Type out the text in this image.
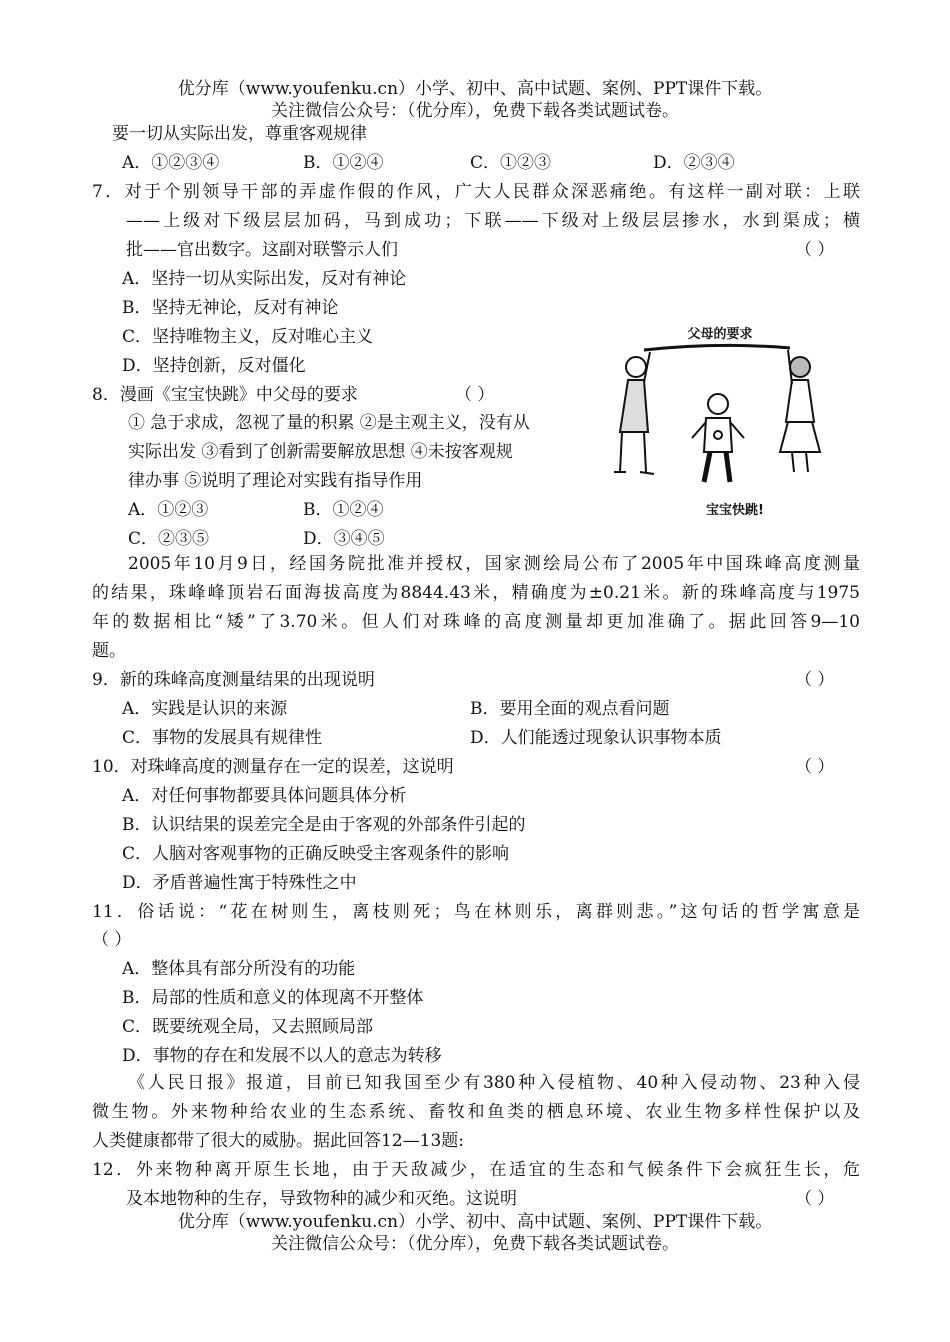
优分库（www.youfenku.cn）小学、初中、高中试题、案例、PPT课件下载。
关注微信公众号：（优分库），免费下载各类试题试卷。
要一切从实际出发，尊重客观规律
A．①②③④	B．①②④	C．①②③	D．②③④
7．对于个别领导干部的弄虚作假的作风，广大人民群众深恶痛绝。有这样一副对联：上联
——上级对下级层层加码，马到成功；下联——下级对上级层层掺水，水到渠成；横
批——官出数字。这副对联警示人们	（ ）
A．坚持一切从实际出发，反对有神论
B．坚持无神论，反对有神论
C．坚持唯物主义，反对唯心主义
D．坚持创新，反对僵化
8．漫画《宝宝快跳》中父母的要求	（ ）
① 急于求成，忽视了量的积累 ②是主观主义，没有从
实际出发 ③看到了创新需要解放思想 ④未按客观规
律办事 ⑤说明了理论对实践有指导作用
A．①②③	B．①②④
C．②③⑤	D．③④⑤
父母的要求
宝宝快跳!
2005年10月9日，经国务院批准并授权，国家测绘局公布了2005年中国珠峰高度测量
的结果，珠峰峰顶岩石面海拔高度为8844.43米，精确度为±0.21米。新的珠峰高度与1975
年的数据相比“矮”了3.70米。但人们对珠峰的高度测量却更加准确了。据此回答9—10
题。
9．新的珠峰高度测量结果的出现说明	（ ）
A．实践是认识的来源	B．要用全面的观点看问题
C．事物的发展具有规律性	D．人们能透过现象认识事物本质
10．对珠峰高度的测量存在一定的误差，这说明	（ ）
A．对任何事物都要具体问题具体分析
B．认识结果的误差完全是由于客观的外部条件引起的
C．人脑对客观事物的正确反映受主客观条件的影响
D．矛盾普遍性寓于特殊性之中
11．俗话说：“花在树则生，离枝则死；鸟在林则乐，离群则悲。”这句话的哲学寓意是
（ ）
A．整体具有部分所没有的功能
B．局部的性质和意义的体现离不开整体
C．既要统观全局，又去照顾局部
D．事物的存在和发展不以人的意志为转移
《人民日报》报道，目前已知我国至少有380种入侵植物、40种入侵动物、23种入侵
微生物。外来物种给农业的生态系统、畜牧和鱼类的栖息环境、农业生物多样性保护以及
人类健康都带了很大的威胁。据此回答12—13题:
12．外来物种离开原生长地，由于天敌减少，在适宜的生态和气候条件下会疯狂生长，危
及本地物种的生存，导致物种的减少和灭绝。这说明	（ ）
优分库（www.youfenku.cn）小学、初中、高中试题、案例、PPT课件下载。
关注微信公众号：（优分库），免费下载各类试题试卷。
